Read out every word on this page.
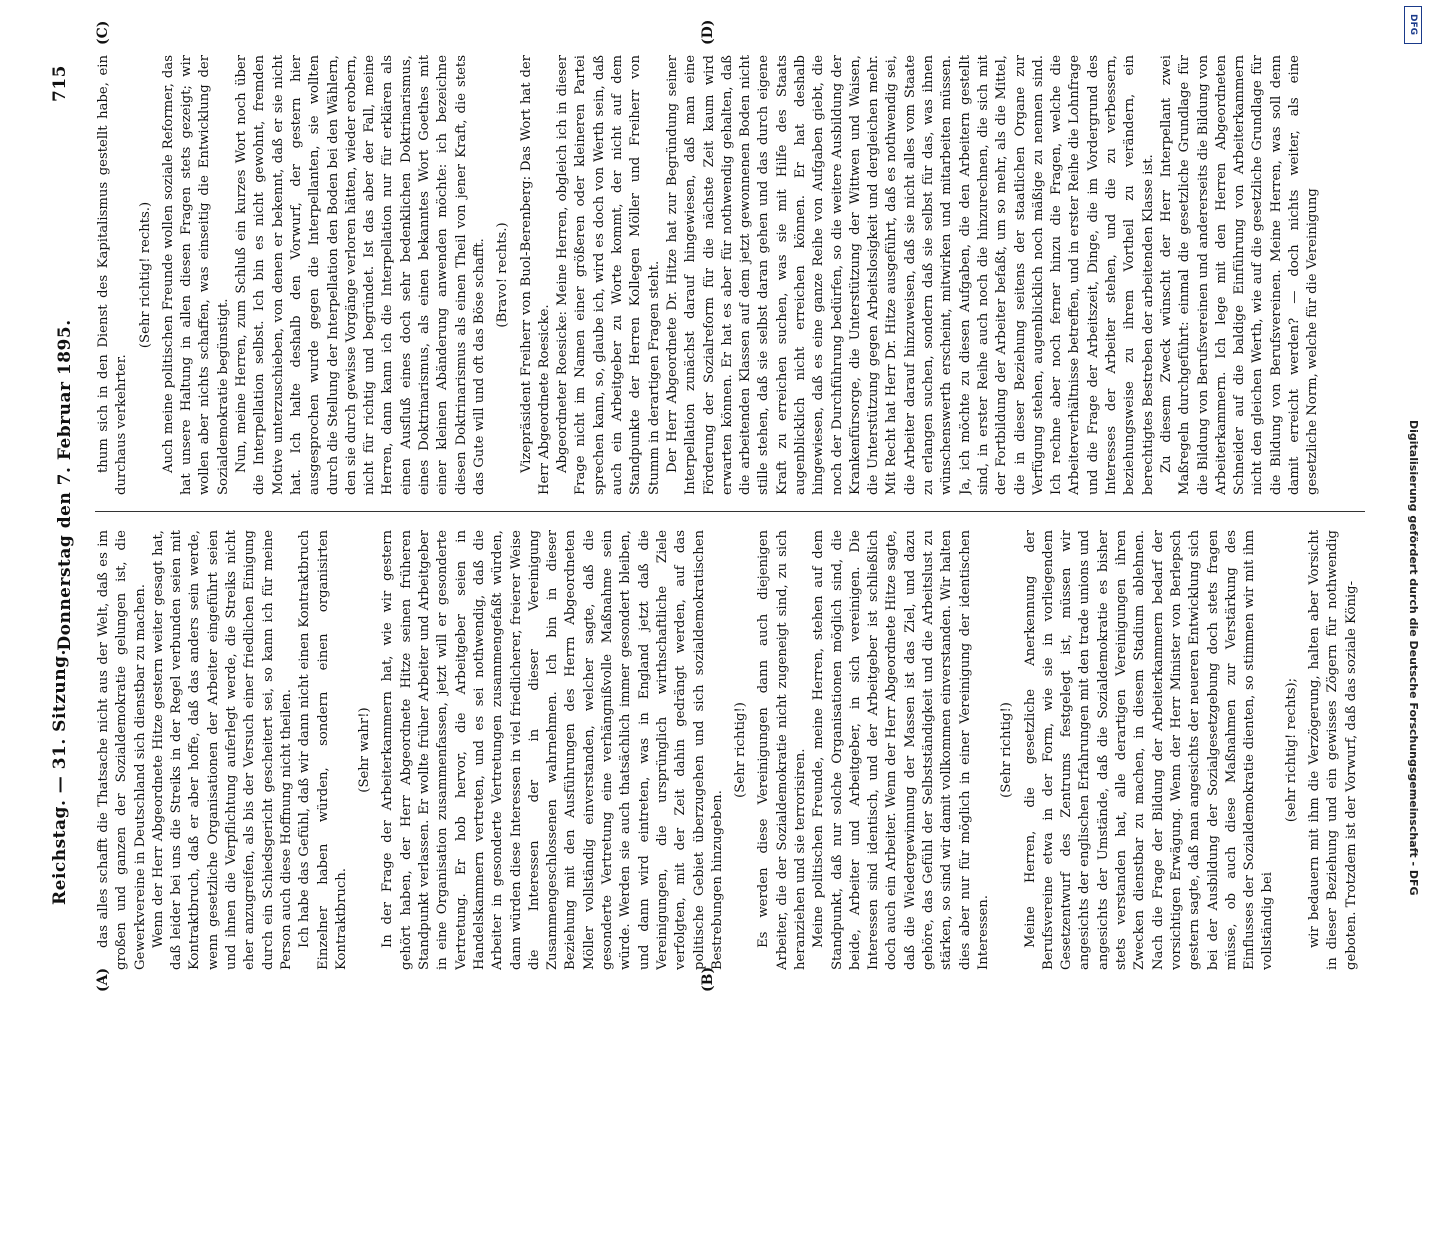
Reichstag. — 31. Sitzung.
Donnerstag den 7. Februar 1895.
715
(A)	(B)
(C)	(D)

das alles schafft die Thatsache nicht aus der Welt, daß es im großen und ganzen der Sozialdemokratie gelungen ist, die Gewerkvereine in Deutschland sich dienstbar zu machen. Wenn der Herr Abgeordnete Hitze gestern weiter gesagt hat, daß leider bei uns die Streiks in der Regel verbunden seien mit Kontraktbruch, daß er aber hoffe, daß das anders sein werde, wenn gesetzliche Organisationen der Arbeiter eingeführt seien und ihnen die Verpflichtung auferlegt werde, die Streiks nicht eher anzugreifen, als bis der Versuch einer friedlichen Einigung durch ein Schiedsgericht gescheitert sei, so kann ich für meine Person auch diese Hoffnung nicht theilen. Ich habe das Gefühl, daß wir dann nicht einen Kontraktbruch Einzelner haben würden, sondern einen organisirten Kontraktbruch.

(Sehr wahr!) In der Frage der Arbeiterkammern hat, wie wir gestern gehört haben, der Herr Abgeordnete Hitze seinen früheren Standpunkt verlassen. Er wollte früher Arbeiter und Arbeitgeber in eine Organisation zusammenfassen, jetzt will er gesonderte Vertretung. Er hob hervor, die Arbeitgeber seien in Handelskammern vertreten, und es sei nothwendig, daß die Arbeiter in gesonderte Vertretungen zusammengefaßt würden, dann würden diese Interessen in viel friedlicherer, freierer Weise die Interessen der in dieser Vereinigung Zusammengeschlossenen wahrnehmen. Ich bin in dieser Beziehung mit den Ausführungen des Herrn Abgeordneten Möller vollständig einverstanden, welcher sagte, daß die gesonderte Vertretung eine verhängnißvolle Maßnahme sein würde. Werden sie auch thatsächlich immer gesondert bleiben, und dann wird eintreten, was in England jetzt daß die Vereinigungen, die ursprünglich wirthschaftliche Ziele verfolgten, mit der Zeit dahin gedrängt werden, auf das politische Gebiet überzugehen und sich sozialdemokratischen Bestrebungen hinzugeben.

(Sehr richtig!) Es werden diese Vereinigungen dann auch diejenigen Arbeiter, die der Sozialdemokratie nicht zugeneigt sind, zu sich heranziehen und sie terrorisiren. Meine politischen Freunde, meine Herren, stehen auf dem Standpunkt, daß nur solche Organisationen möglich sind, die beide, Arbeiter und Arbeitgeber, in sich vereinigen. Die Interessen sind identisch, und der Arbeitgeber ist schließlich doch auch ein Arbeiter. Wenn der Herr Abgeordnete Hitze sagte, daß die Wiedergewinnung der Massen ist das Ziel, und dazu gehöre, das Gefühl der Selbstständigkeit und die Arbeitslust zu stärken, so sind wir damit vollkommen einverstanden. Wir halten dies aber nur für möglich in einer Vereinigung der identischen Interessen.

(Sehr richtig!) Meine Herren, die gesetzliche Anerkennung der Berufsvereine etwa in der Form, wie sie in vorliegendem Gesetzentwurf des Zentrums festgelegt ist, müssen wir angesichts der englischen Erfahrungen mit den trade unions und angesichts der Umstände, daß die Sozialdemokratie es bisher stets verstanden hat, alle derartigen Vereinigungen ihren Zwecken dienstbar zu machen, in diesem Stadium ablehnen. Nach die Frage der Bildung der Arbeiterkammern bedarf der vorsichtigen Erwägung. Wenn der Herr Minister von Berlepsch gestern sagte, daß man angesichts der neueren Entwicklung sich bei der Ausbildung der Sozialgesetzgebung doch stets fragen müsse, ob auch diese Maßnahmen zur Verstärkung des Einflusses der Sozialdemokratie dienten, so stimmen wir mit ihm vollständig bei

(sehr richtig! rechts); wir bedauern mit ihm die Verzögerung, halten aber Vorsicht in dieser Beziehung und ein gewisses Zögern für nothwendig geboten. Trotzdem ist der Vorwurf, daß das soziale König-

thum sich in den Dienst des Kapitalismus gestellt habe, ein durchaus verkehrter.

(Sehr richtig! rechts.) Auch meine politischen Freunde wollen soziale Reformer, das hat unsere Haltung in allen diesen Fragen stets gezeigt; wir wollen aber nichts schaffen, was einseitig die Entwicklung der Sozialdemokratie begünstigt. Nun, meine Herren, zum Schluß ein kurzes Wort noch über die Interpellation selbst. Ich bin es nicht gewohnt, fremden Motive unterzuschieben, von denen er bekennt, daß er sie nicht hat. Ich halte deshalb den Vorwurf, der gestern hier ausgesprochen wurde gegen die Interpellanten, sie wollten durch die Stellung der Interpellation den Boden bei den Wählern, den sie durch gewisse Vorgänge verloren hätten, wieder erobern, nicht für richtig und begründet. Ist das aber der Fall, meine Herren, dann kann ich die Interpellation nur für erklären als einen Ausfluß eines doch sehr bedenklichen Doktrinarismus, eines Doktrinarismus, als einen bekanntes Wort Goethes mit einer kleinen Abänderung anwenden möchte: ich bezeichne diesen Doktrinarismus als einen Theil von jener Kraft, die stets das Gute will und oft das Böse schafft. (Bravo! rechts.) Vizepräsident Freiherr von Buol-Berenberg: Das Wort hat der Herr Abgeordnete Roesicke. Abgeordneter Roesicke: Meine Herren, obgleich ich in dieser Frage nicht im Namen einer größeren oder kleineren Partei sprechen kann, so, glaube ich, wird es doch von Werth sein, daß auch ein Arbeitgeber zu Worte kommt, der nicht auf dem Standpunkte der Herren Kollegen Möller und Freiherr von Stumm in derartigen Fragen steht. Der Herr Abgeordnete Dr. Hitze hat zur Begründung seiner Interpellation zunächst darauf hingewiesen, daß man eine Förderung der Sozialreform für die nächste Zeit kaum wird erwarten können. Er hat es aber für nothwendig gehalten, daß die arbeitenden Klassen auf dem jetzt gewonnenen Boden nicht stille stehen, daß sie selbst daran gehen und das durch eigene Kraft zu erreichen suchen, was sie mit Hilfe des Staats augenblicklich nicht erreichen können. Er hat deshalb hingewiesen, daß es eine ganze Reihe von Aufgaben giebt, die noch der Durchführung bedürfen, so die weitere Ausbildung der Krankenfürsorge, die Unterstützung der Wittwen und Waisen, die Unterstützung gegen Arbeitslosigkeit und dergleichen mehr. Mit Recht hat Herr Dr. Hitze ausgeführt, daß es nothwendig sei, die Arbeiter darauf hinzuweisen, daß sie nicht alles vom Staate zu erlangen suchen, sondern daß sie selbst für das, was ihnen wünschenswerth erscheint, mitwirken und mitarbeiten müssen. Ja, ich möchte zu diesen Aufgaben, die den Arbeitern gestellt sind, in erster Reihe auch noch die hinzurechnen, die sich mit der Fortbildung der Arbeiter befaßt, um so mehr, als die Mittel, die in dieser Beziehung seitens der staatlichen Organe zur Verfügung stehen, augenblicklich noch mäßige zu nennen sind. Ich rechne aber noch ferner hinzu die Fragen, welche die Arbeiterverhältnisse betreffen, und in erster Reihe die Lohnfrage und die Frage der Arbeitszeit, Dinge, die im Vordergrund des Interesses der Arbeiter stehen, und die zu verbessern, beziehungsweise zu ihrem Vortheil zu verändern, ein berechtigtes Bestreben der arbeitenden Klasse ist. Zu diesem Zweck wünscht der Herr Interpellant zwei Maßregeln durchgeführt: einmal die gesetzliche Grundlage für die Bildung von Berufsvereinen und andererseits die Bildung von Arbeiterkammern. Ich lege mit den Herren Abgeordneten Schneider auf die baldige Einführung von Arbeiterkammern nicht den gleichen Werth, wie auf die gesetzliche Grundlage für die Bildung von Berufsvereinen. Meine Herren, was soll denn damit erreicht werden? — doch nichts weiter, als eine gesetzliche Norm, welche für die Vereinigung

Digitalisierung gefördert durch die Deutsche Forschungsgemeinschaft - DFG
DFG
